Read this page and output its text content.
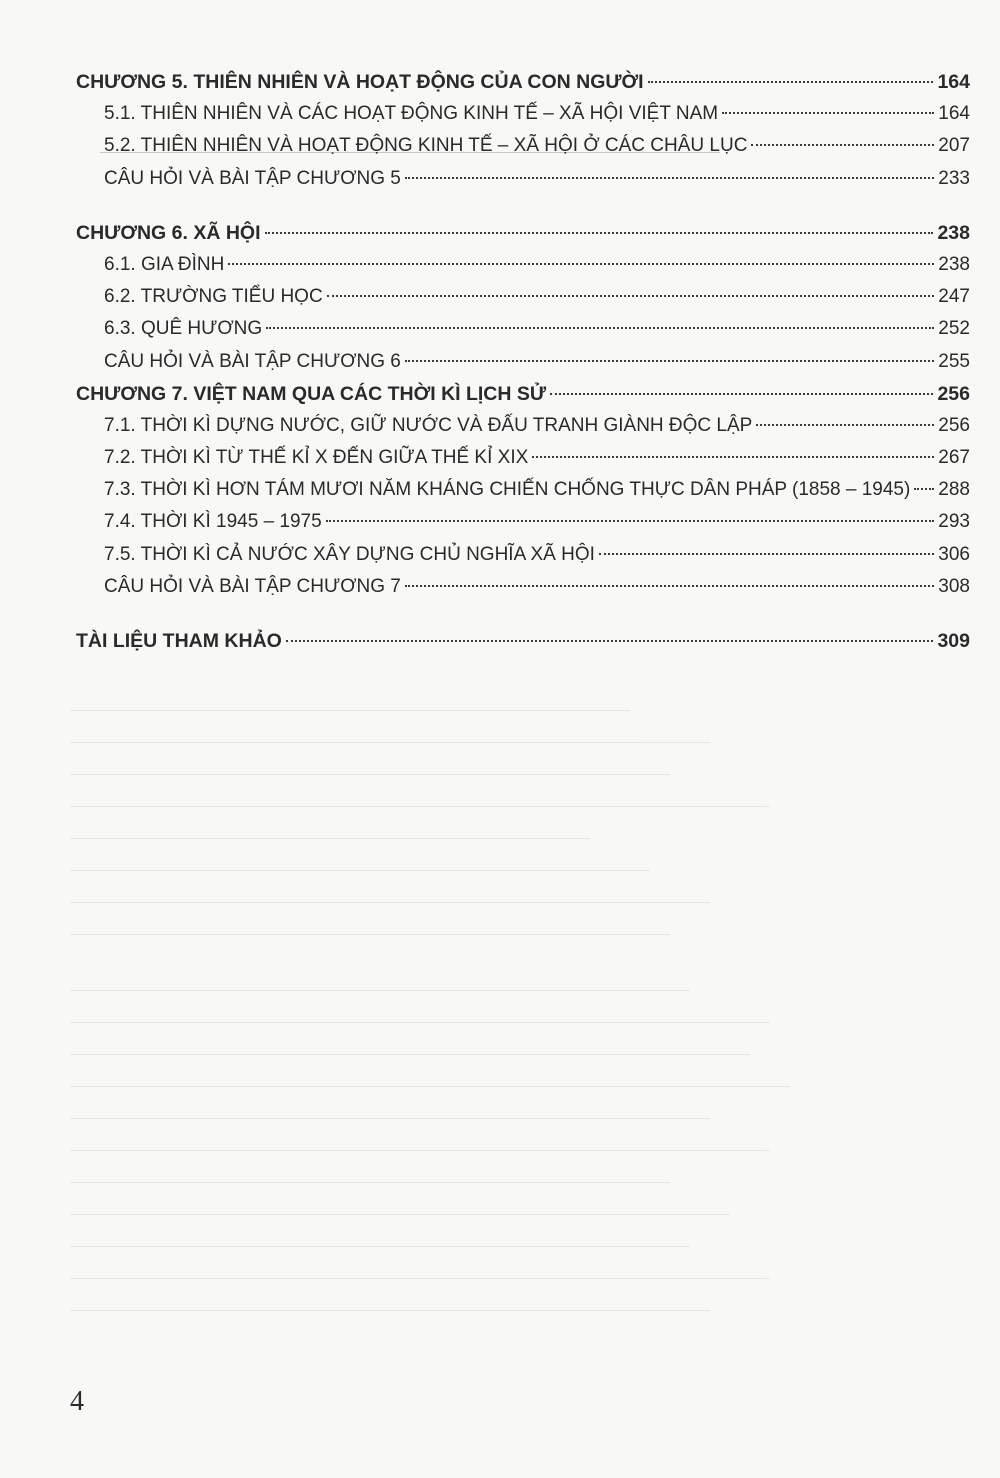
CHƯƠNG 5. THIÊN NHIÊN VÀ HOẠT ĐỘNG CỦA CON NGƯỜI	164
5.1. THIÊN NHIÊN VÀ CÁC HOẠT ĐỘNG KINH TẾ – XÃ HỘI VIỆT NAM	164
5.2. THIÊN NHIÊN VÀ HOẠT ĐỘNG KINH TẾ – XÃ HỘI Ở CÁC CHÂU LỤC	207
CÂU HỎI VÀ BÀI TẬP CHƯƠNG 5	233
CHƯƠNG 6. XÃ HỘI	238
6.1. GIA ĐÌNH	238
6.2. TRƯỜNG TIỂU HỌC	247
6.3. QUÊ HƯƠNG	252
CÂU HỎI VÀ BÀI TẬP CHƯƠNG 6	255
CHƯƠNG 7. VIỆT NAM QUA CÁC THỜI KÌ LỊCH SỬ	256
7.1. THỜI KÌ DỰNG NƯỚC, GIỮ NƯỚC VÀ ĐẤU TRANH GIÀNH ĐỘC LẬP	256
7.2. THỜI KÌ TỪ THẾ KỈ X ĐẾN GIỮA THẾ KỈ XIX	267
7.3. THỜI KÌ HƠN TÁM MƯƠI NĂM KHÁNG CHIẾN CHỐNG THỰC DÂN PHÁP (1858 – 1945) 288
7.4. THỜI KÌ 1945 – 1975	293
7.5. THỜI KÌ CẢ NƯỚC XÂY DỰNG CHỦ NGHĨA XÃ HỘI	306
CÂU HỎI VÀ BÀI TẬP CHƯƠNG 7	308
TÀI LIỆU THAM KHẢO	309
4
